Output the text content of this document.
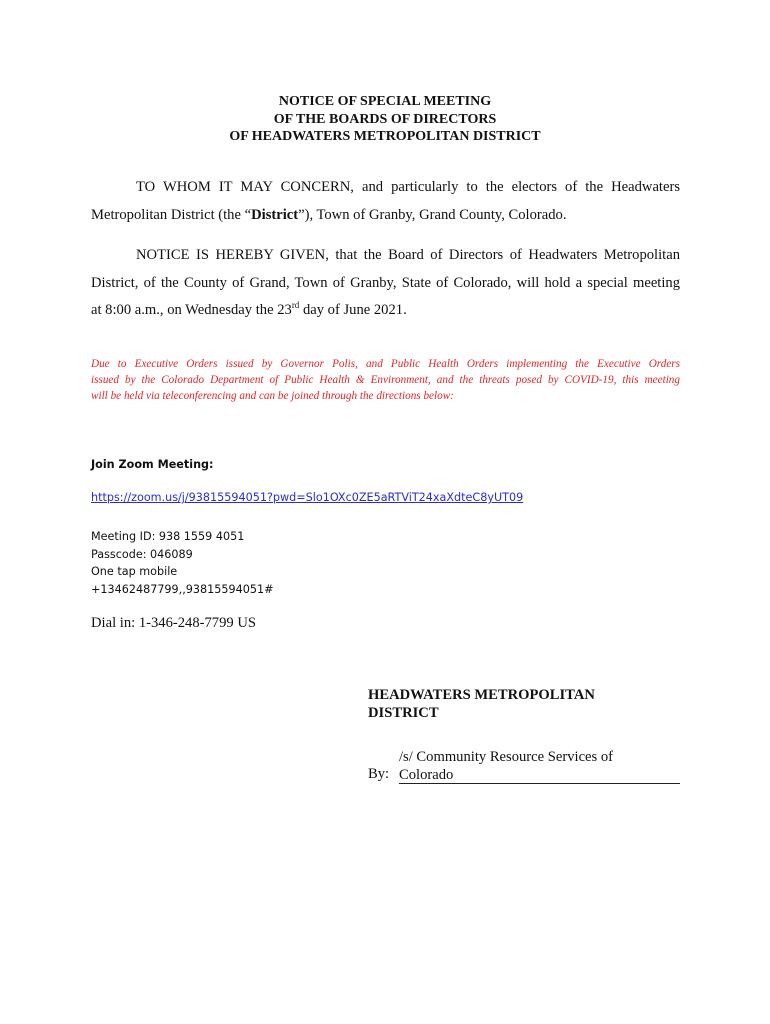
NOTICE OF SPECIAL MEETING
OF THE BOARDS OF DIRECTORS
OF HEADWATERS METROPOLITAN DISTRICT
TO WHOM IT MAY CONCERN, and particularly to the electors of the Headwaters
Metropolitan District (the “District”), Town of Granby, Grand County, Colorado.
NOTICE IS HEREBY GIVEN, that the Board of Directors of Headwaters Metropolitan
District, of the County of Grand, Town of Granby, State of Colorado, will hold a special meeting
at 8:00 a.m., on Wednesday the 23rd day of June 2021.
Due to Executive Orders issued by Governor Polis, and Public Health Orders implementing the Executive Orders
issued by the Colorado Department of Public Health & Environment, and the threats posed by COVID-19, this meeting
will be held via teleconferencing and can be joined through the directions below:
Join Zoom Meeting:
https://zoom.us/j/93815594051?pwd=Slo1OXc0ZE5aRTViT24xaXdteC8yUT09
Meeting ID: 938 1559 4051
Passcode: 046089
One tap mobile
+13462487799,,93815594051#
Dial in: 1-346-248-7799 US
HEADWATERS METROPOLITAN
DISTRICT
By:
/s/ Community Resource Services of
Colorado
